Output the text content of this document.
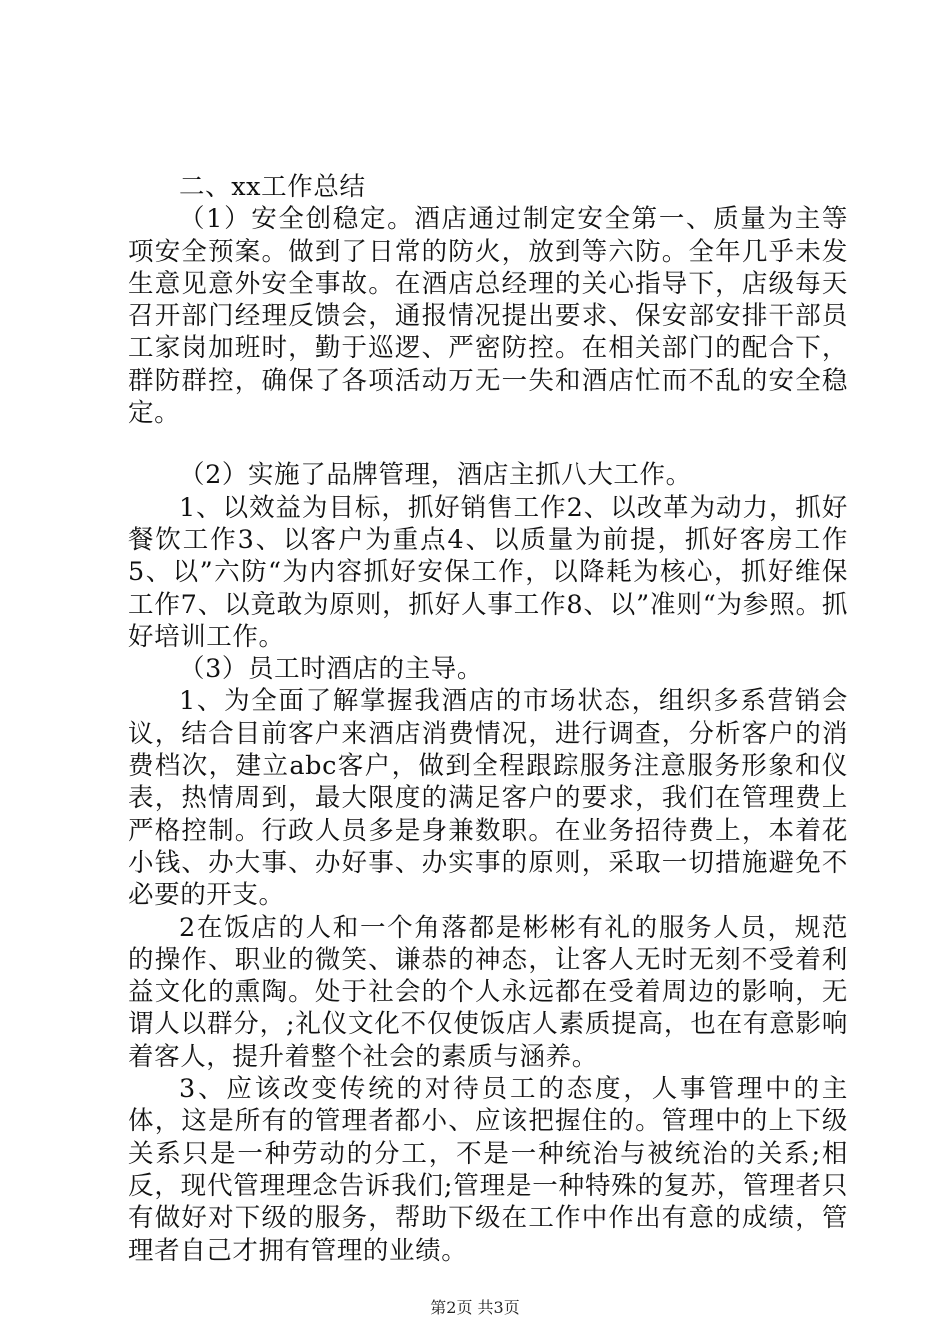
二、xx工作总结

（1）安全创稳定。酒店通过制定安全第一、质量为主等项安全预案。做到了日常的防火，放到等六防。全年几乎未发生意见意外安全事故。在酒店总经理的关心指导下，店级每天召开部门经理反馈会，通报情况提出要求、保安部安排干部员工家岗加班时，勤于巡逻、严密防控。在相关部门的配合下，群防群控，确保了各项活动万无一失和酒店忙而不乱的安全稳定。

（2）实施了品牌管理，酒店主抓八大工作。

1、以效益为目标，抓好销售工作2、以改革为动力，抓好餐饮工作3、以客户为重点4、以质量为前提，抓好客房工作5、以”六防“为内容抓好安保工作，以降耗为核心，抓好维保工作7、以竟敢为原则，抓好人事工作8、以”准则“为参照。抓好培训工作。

（3）员工时酒店的主导。

1、为全面了解掌握我酒店的市场状态，组织多系营销会议，结合目前客户来酒店消费情况，进行调查，分析客户的消费档次，建立abc客户，做到全程跟踪服务注意服务形象和仪表，热情周到，最大限度的满足客户的要求，我们在管理费上严格控制。行政人员多是身兼数职。在业务招待费上，本着花小钱、办大事、办好事、办实事的原则，采取一切措施避免不必要的开支。

2在饭店的人和一个角落都是彬彬有礼的服务人员，规范的操作、职业的微笑、谦恭的神态，让客人无时无刻不受着利益文化的熏陶。处于社会的个人永远都在受着周边的影响，无谓人以群分，;礼仪文化不仅使饭店人素质提高，也在有意影响着客人，提升着整个社会的素质与涵养。

3、应该改变传统的对待员工的态度，人事管理中的主体，这是所有的管理者都小、应该把握住的。管理中的上下级关系只是一种劳动的分工，不是一种统治与被统治的关系;相反，现代管理理念告诉我们;管理是一种特殊的复苏，管理者只有做好对下级的服务，帮助下级在工作中作出有意的成绩，管理者自己才拥有管理的业绩。

第2页 共3页
